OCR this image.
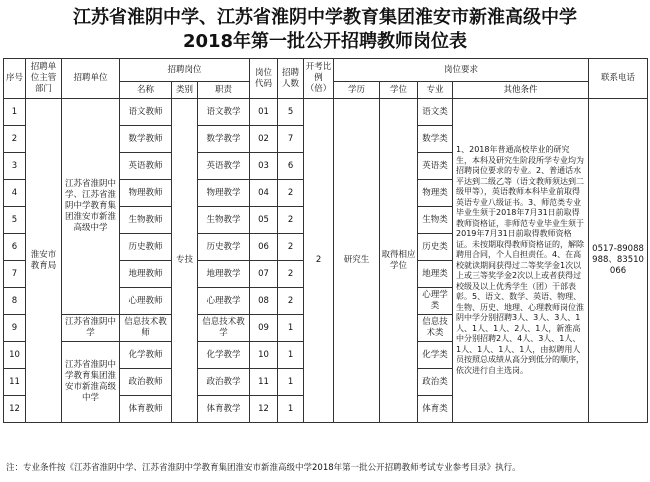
江苏省淮阴中学、江苏省淮阴中学教育集团淮安市新淮高级中学
2018年第一批公开招聘教师岗位表
序号	招聘单位主管部门	招聘单位	招聘岗位			岗位代码	招聘人数	开考比例（倍）	岗位要求				联系电话
			名称	类别	职责				学历	学位	专业	其他条件	
1	淮安市教育局	江苏省淮阴中学、江苏省淮阴中学教育集团淮安市新淮高级中学	语文教师	专技	语文教学	01	5	2	研究生	取得相应学位	语文类	1、2018年普通高校毕业的研究生，本科及研究生阶段所学专业均为招聘岗位要求的专业。2、普通话水平达到二级乙等（语文教师须达到二级甲等），英语教师本科毕业前取得英语专业八级证书。3、师范类专业毕业生须于2018年7月31日前取得教师资格证，非师范专业毕业生须于2019年7月31日前取得教师资格证。未按期取得教师资格证的，解除聘用合同，个人自担责任。4、在高校就读期间获得过二等奖学金1次以上或三等奖学金2次以上或者获得过校级及以上优秀学生（团）干部表彰。5、语文、数学、英语、物理、生物、历史、地理、心理教师岗位淮阴中学分别招聘3人、3人、3人、1人、1人、1人、2人、1人，新淮高中分别招聘2人、4人、3人、1人、1人、1人、1人、1人，由拟聘用人员按照总成绩从高分到低分的顺序，依次进行自主选岗。	0517-89088988、83510066
2			数学教师		数学教学	02	7				数学类		
3			英语教师		英语教学	03	6				英语类		
4			物理教师		物理教学	04	2				物理类		
5			生物教师		生物教学	05	2				生物类		
6			历史教师		历史教学	06	2				历史类		
7			地理教师		地理教学	07	2				地理类		
8			心理教师		心理教学	08	2				心理学类		
9		江苏省淮阴中学	信息技术教师		信息技术教学	09	1				信息技术类		
10		江苏省淮阴中学教育集团淮安市新淮高级中学	化学教师		化学教学	10	1				化学类		
11			政治教师		政治教学	11	1				政治类		
12			体育教师		体育教学	12	1				体育类		
注：专业条件按《江苏省淮阴中学、江苏省淮阴中学教育集团淮安市新淮高级中学2018年第一批公开招聘教师考试专业参考目录》执行。
